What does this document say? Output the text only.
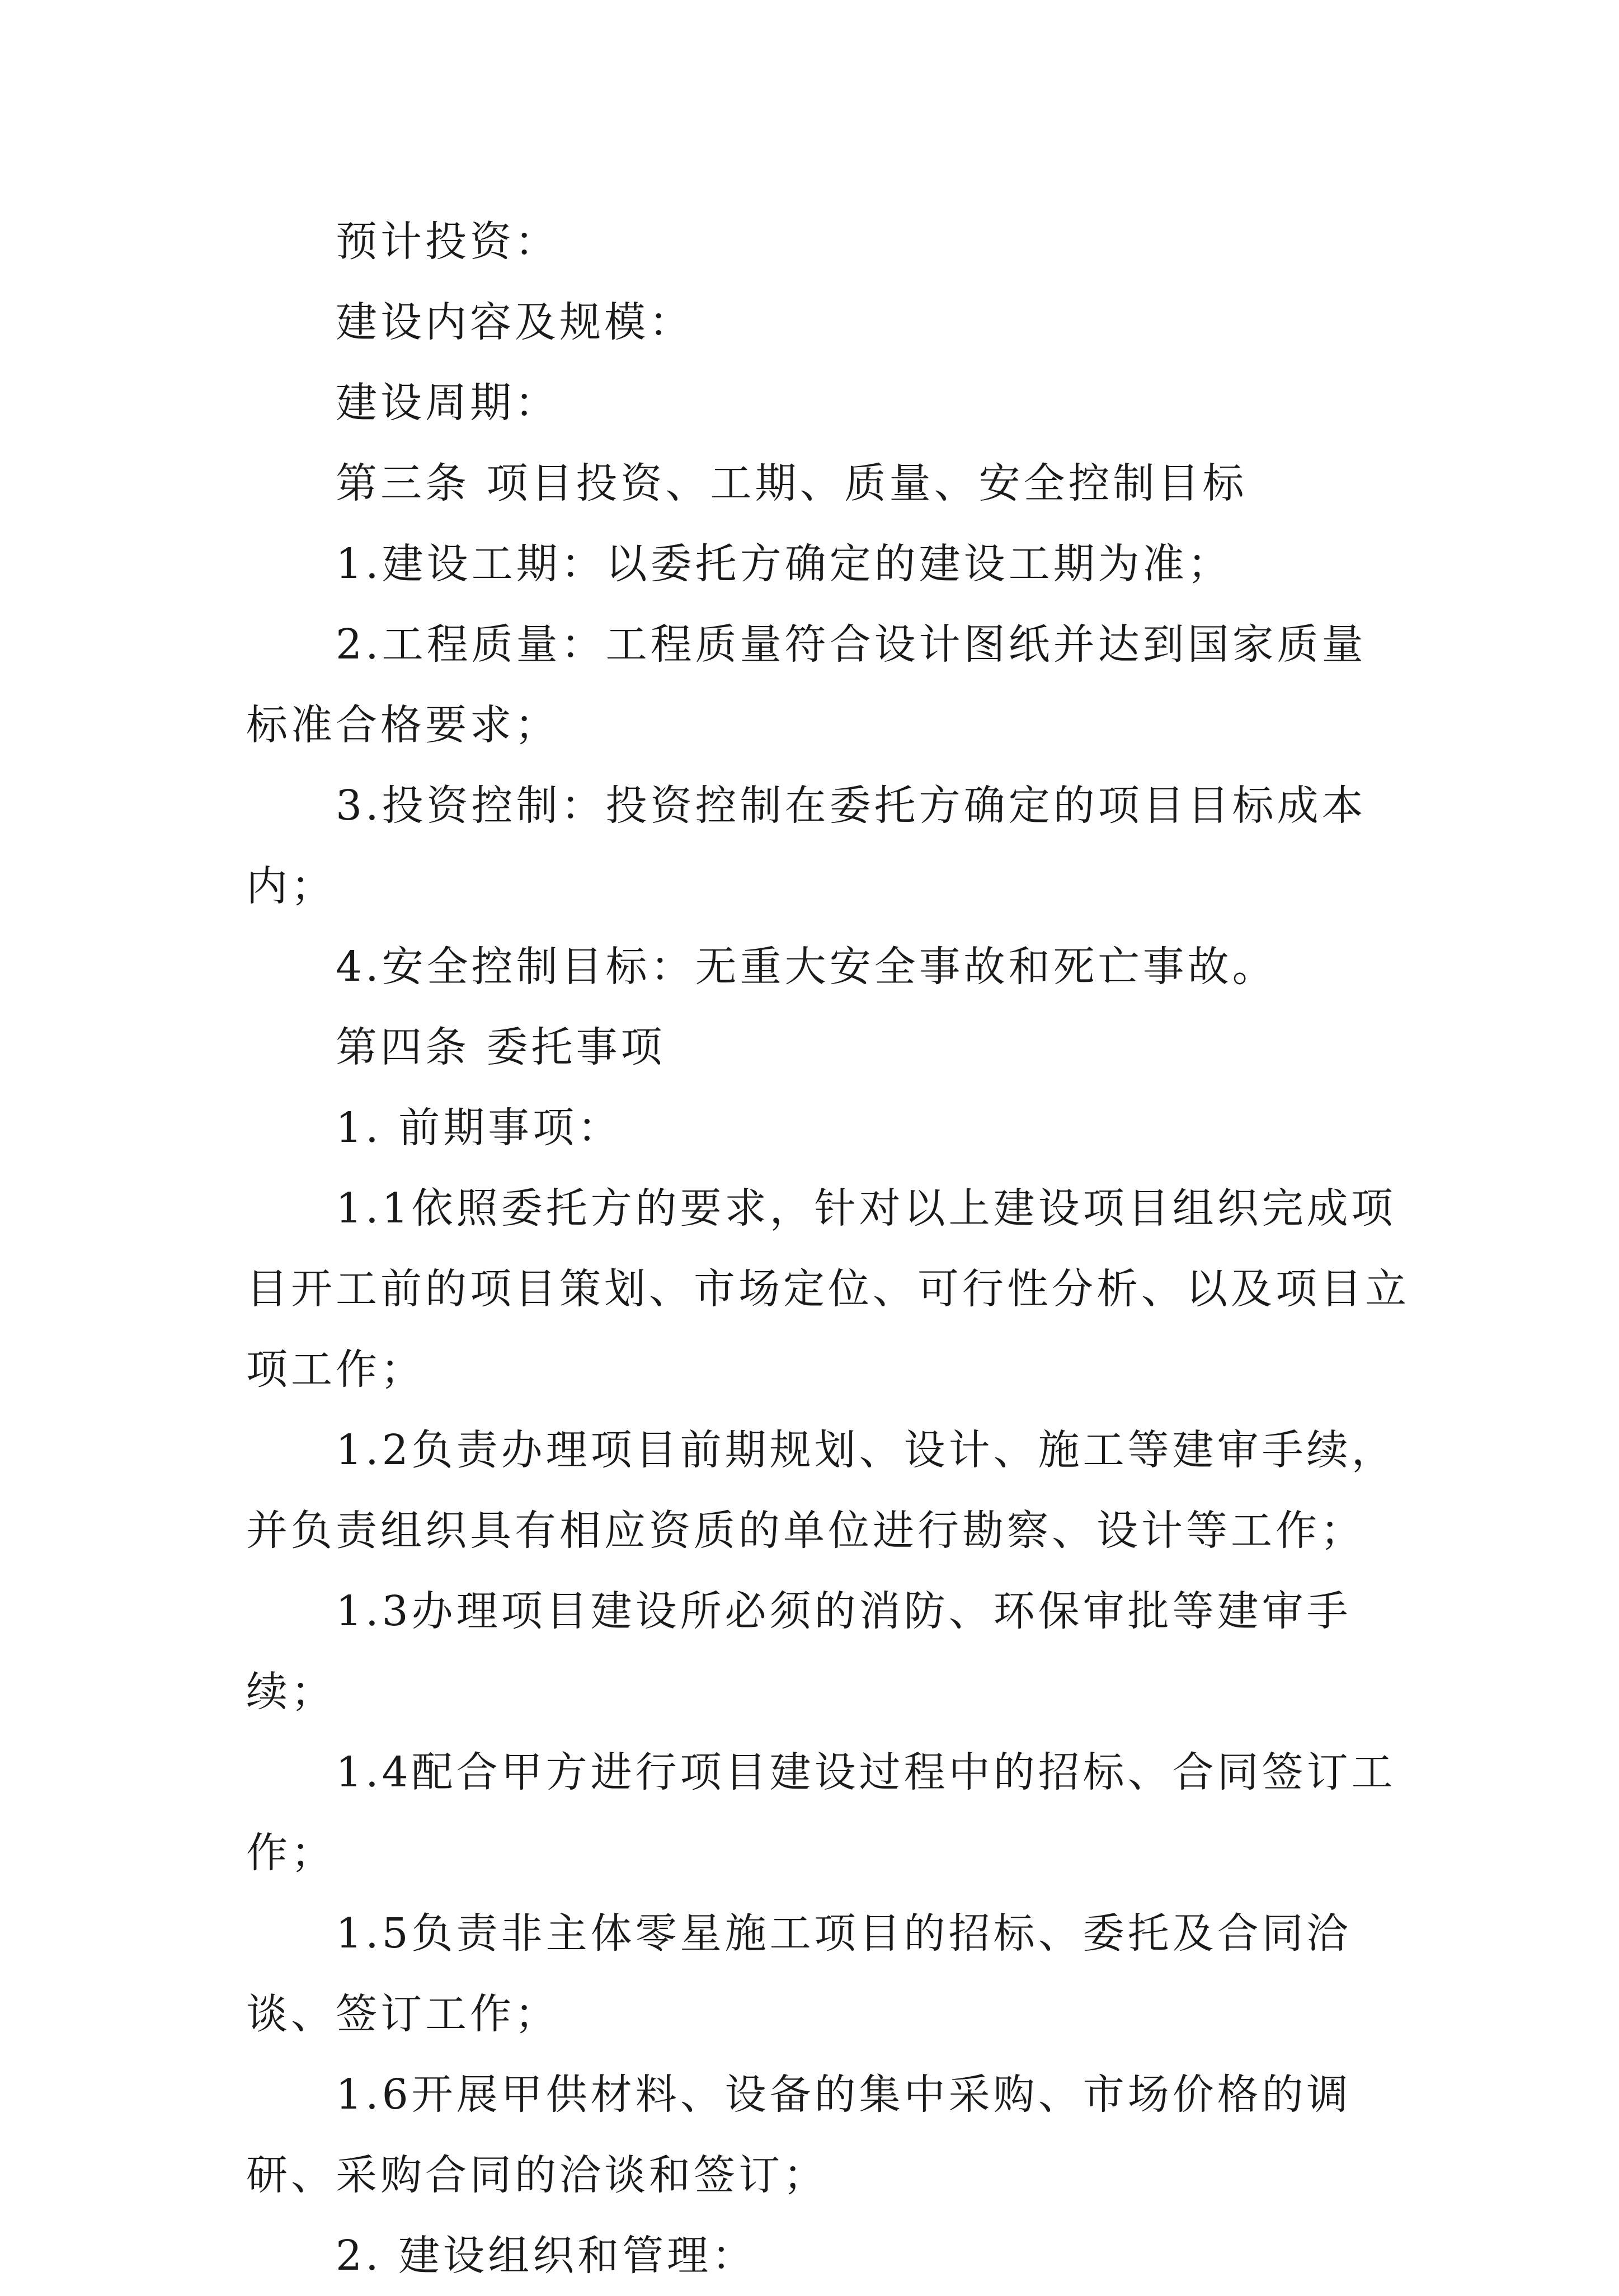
预计投资：

建设内容及规模：

建设周期：

第三条 项目投资、工期、质量、安全控制目标

1.建设工期：以委托方确定的建设工期为准；

2.工程质量：工程质量符合设计图纸并达到国家质量标准合格要求；

3.投资控制：投资控制在委托方确定的项目目标成本内；

4.安全控制目标：无重大安全事故和死亡事故。

第四条 委托事项

1. 前期事项：

1.1依照委托方的要求，针对以上建设项目组织完成项目开工前的项目策划、市场定位、可行性分析、以及项目立项工作；

1.2负责办理项目前期规划、设计、施工等建审手续，并负责组织具有相应资质的单位进行勘察、设计等工作；

1.3办理项目建设所必须的消防、环保审批等建审手续；

1.4配合甲方进行项目建设过程中的招标、合同签订工作；

1.5负责非主体零星施工项目的招标、委托及合同洽谈、签订工作；

1.6开展甲供材料、设备的集中采购、市场价格的调研、采购合同的洽谈和签订；

2. 建设组织和管理：
